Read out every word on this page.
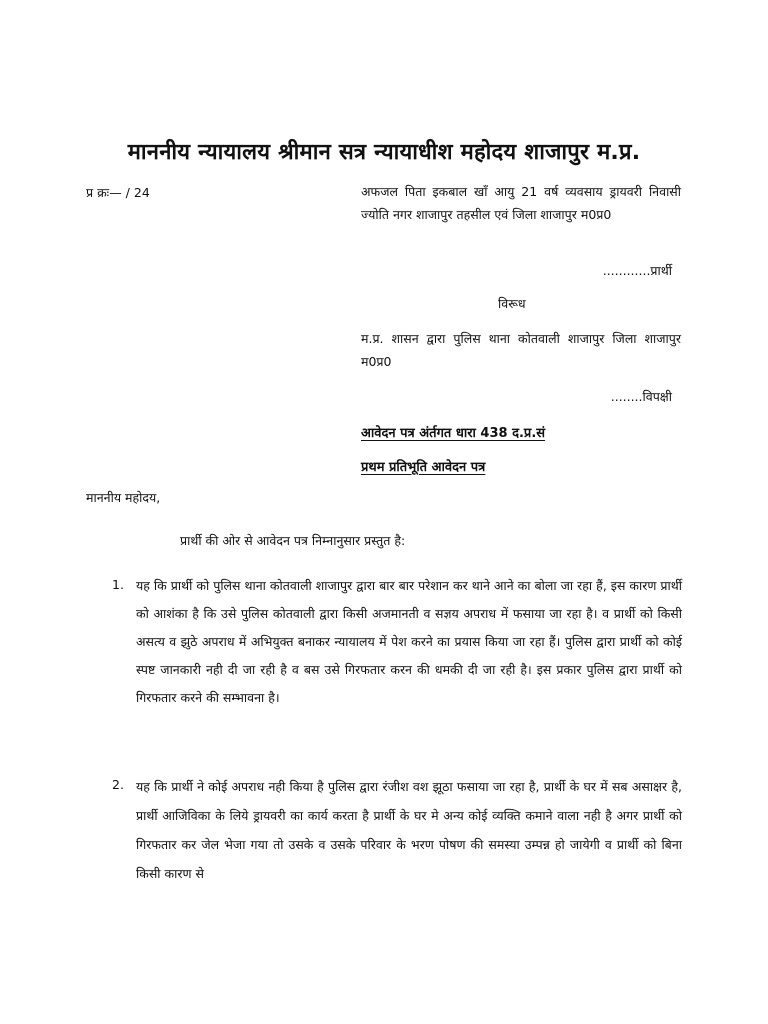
माननीय न्यायालय श्रीमान सत्र न्यायाधीश महोदय शाजापुर म.प्र.
प्र क्रः— / 24	अफजल पिता इकबाल खाँ आयु 21 वर्ष व्यवसाय ड्रायवरी निवासी ज्योति नगर शाजापुर तहसील एवं जिला शाजापुर म0प्र0
............प्रार्थी
विरूध
म.प्र. शासन द्वारा पुलिस थाना कोतवाली शाजापुर जिला शाजापुर म0प्र0
........विपक्षी
आवेदन पत्र अंर्तगत धारा 438 द.प्र.सं
प्रथम प्रतिभूति आवेदन पत्र
माननीय महोदय,
प्रार्थी की ओर से आवेदन पत्र निम्नानुसार प्रस्तुत है:
1. यह कि प्रार्थी को पुलिस थाना कोतवाली शाजापुर द्वारा बार बार परेशान कर थाने आने का बोला जा रहा हैं, इस कारण प्रार्थी को आशंका है कि उसे पुलिस कोतवाली द्वारा किसी अजमानती व सज्ञय अपराध में फसाया जा रहा है। व प्रार्थी को किसी असत्य व झुठे अपराध में अभियुक्त बनाकर न्यायालय में पेश करने का प्रयास किया जा रहा हैं। पुलिस द्वारा प्रार्थी को कोई स्पष्ट जानकारी नही दी जा रही है व बस उसे गिरफतार करन की धमकी दी जा रही है। इस प्रकार पुलिस द्वारा प्रार्थी को गिरफतार करने की सम्भावना है।
2. यह कि प्रार्थी ने कोई अपराध नही किया है पुलिस द्वारा रंजीश वश झूठा फसाया जा रहा है, प्रार्थी के घर में सब असाक्षर है, प्रार्थी आजिविका के लिये ड्रायवरी का कार्य करता है प्रार्थी के घर मे अन्य कोई व्यक्ति कमाने वाला नही है अगर प्रार्थी को गिरफतार कर जेल भेजा गया तो उसके व उसके परिवार के भरण पोषण की समस्या उम्पन्न हो जायेगी व प्रार्थी को बिना किसी कारण से
